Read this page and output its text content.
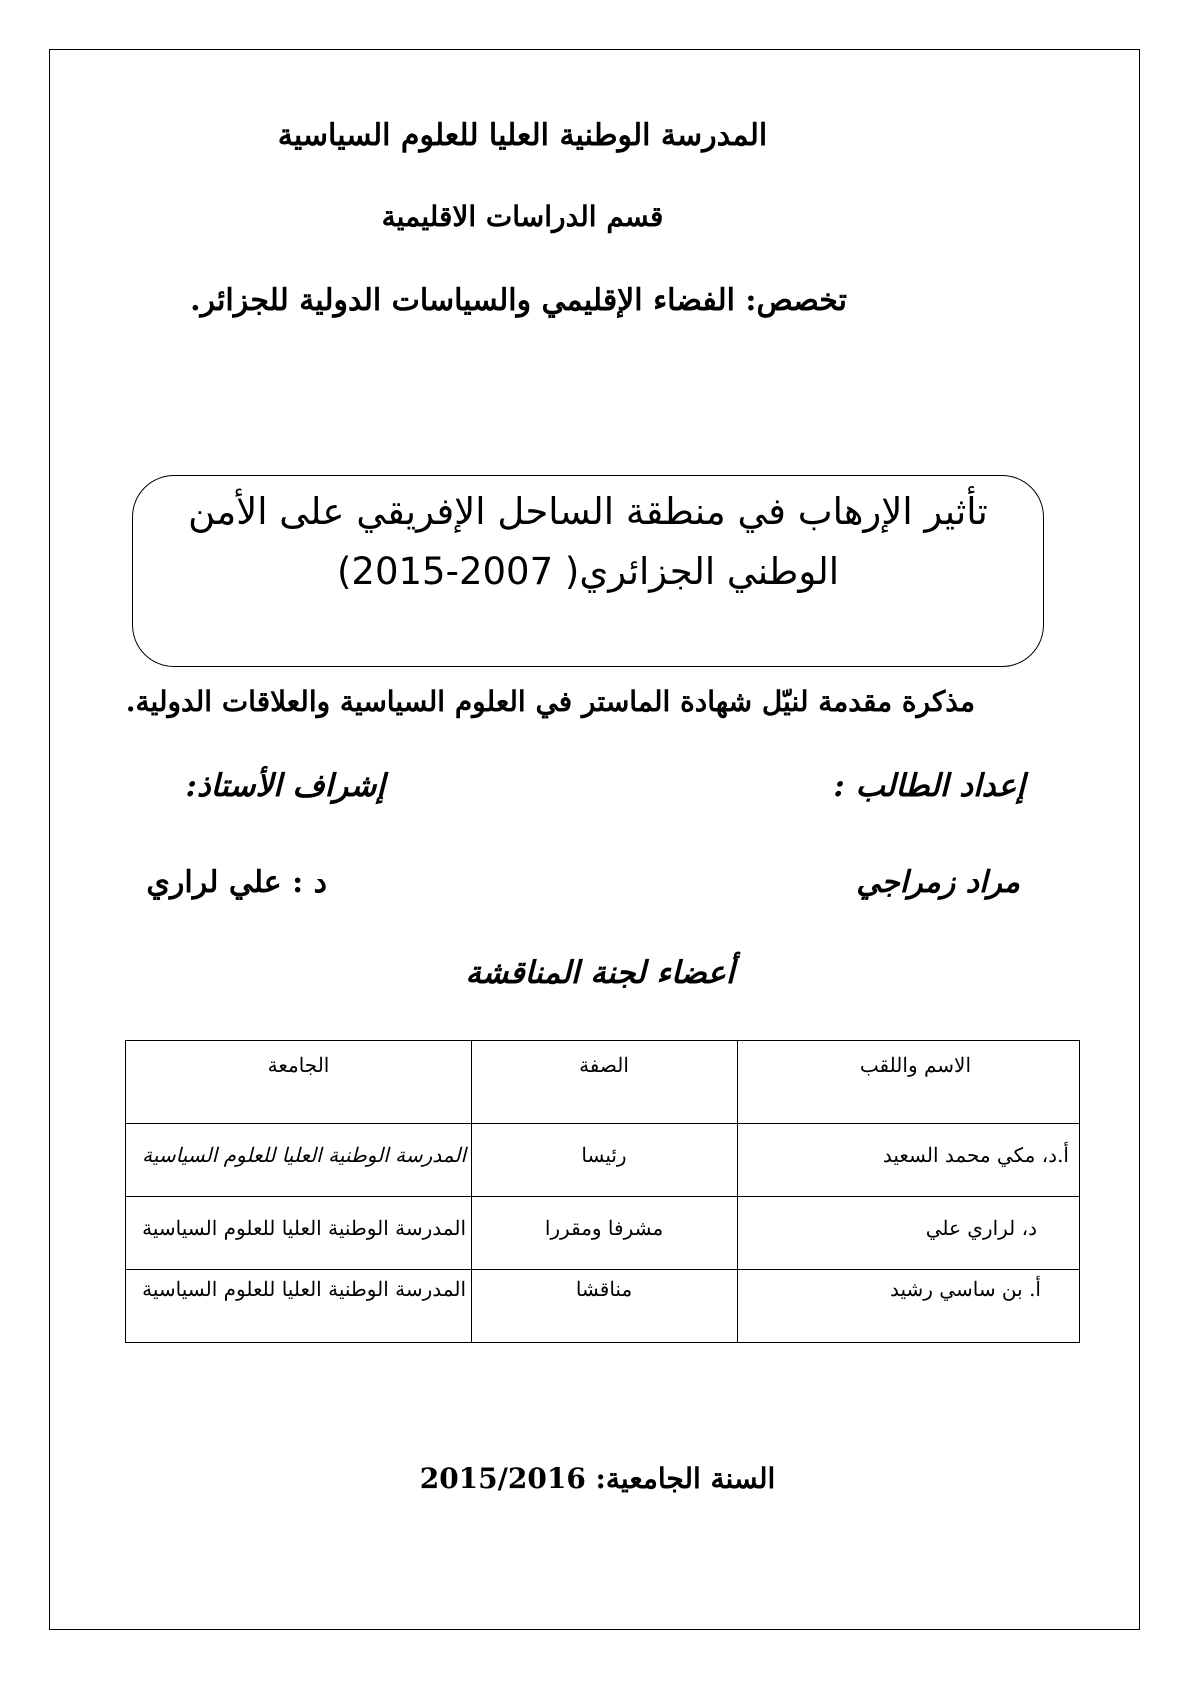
المدرسة الوطنية العليا للعلوم السياسية
قسم الدراسات الاقليمية
تخصص: الفضاء الإقليمي والسياسات الدولية للجزائر.
تأثير الإرهاب في منطقة الساحل الإفريقي على الأمن
الوطني الجزائري( 2007-2015)
مذكرة مقدمة لنيّل شهادة الماستر في العلوم السياسية والعلاقات الدولية.
إعداد الطالب :
إشراف الأستاذ:
مراد زمراجي
د : علي لراري
أعضاء لجنة المناقشة
الاسم واللقب
الصفة
الجامعة
أ.د، مكي محمد السعيد
رئيسا
المدرسة الوطنية العليا للعلوم السياسية
د، لراري علي
مشرفا ومقررا
المدرسة الوطنية العليا للعلوم السياسية
أ. بن ساسي رشيد
مناقشا
المدرسة الوطنية العليا للعلوم السياسية
السنة الجامعية: 2015/2016
